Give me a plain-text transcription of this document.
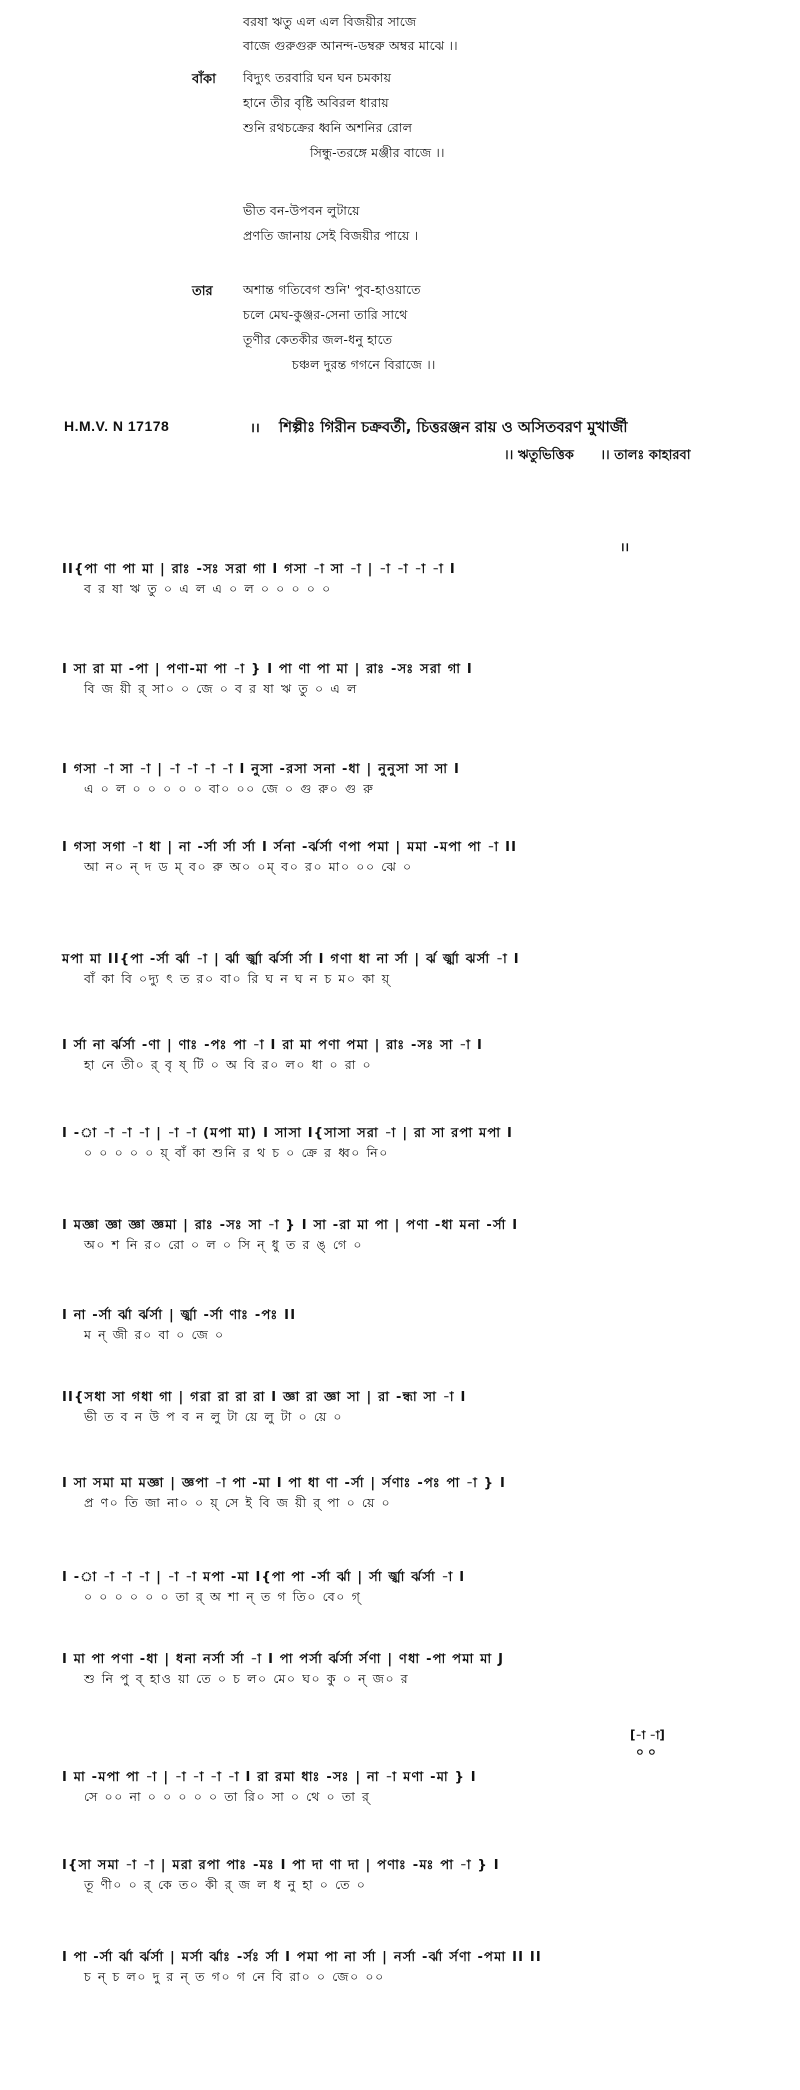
বরষা ঋতু এল এল বিজয়ীর সাজে
বাজে গুরুগুরু আনন্দ-ডম্বরু অম্বর মাঝে ।।
বাঁকা বিদ্যুৎ তরবারি ঘন ঘন চমকায়
হানে তীর বৃষ্টি অবিরল ধারায়
শুনি রথচক্রের ধ্বনি অশনির রোল
সিন্ধু-তরঙ্গে মঞ্জীর বাজে ।।
ভীত বন-উপবন লুটায়ে
প্রণতি জানায় সেই বিজয়ীর পায়ে ।
তার অশান্ত গতিবেগ শুনি' পুব-হাওয়াতে
চলে মেঘ-কুঞ্জর-সেনা তারি সাথে
তূণীর কেতকীর জল-ধনু হাতে
চঞ্চল দুরন্ত গগনে বিরাজে ।।
H.M.V. N 17178	।। শিল্পীঃ গিরীন চক্রবর্তী, চিত্তরঞ্জন রায় ও অসিতবরণ মুখার্জী
।। ঋতুভিত্তিক ।। তালঃ কাহারবা
।।
II{পা ণা পা মা | রাঃ -সঃ সরা গা I গসা -া সা -া | -া -া -া -া I
ব র ষা ঋ তু ০ এ ল এ ০ ল ০ ০ ০ ০ ০
I সা রা মা -পা | পণা-মা পা -া } I পা ণা পা মা | রাঃ -সঃ সরা গা I
বি জ য়ী র্ সা০ ০ জে ০ ব র ষা ঋ তু ০ এ ল
I গসা -া সা -া | -া -া -া -া I নুসা -রসা সনা -ধা | নুনুসা সা সা I
এ ০ ল ০ ০ ০ ০ ০ বা০ ০০ জে ০ গু রু০ গু রু
I গসা সগা -া ধা | না -র্সা র্সা র্সা I র্সনা -র্ঝর্সা ণপা পমা | মমা -মপা পা -া II
আ ন০ ন্ দ ড ম্ ব০ রু অ০ ০ম্ ব০ র০ মা০ ০০ ঝে ০
মপা মা II{পা -র্সা র্ঝা -া | র্ঝা র্জ্ঝা র্ঝর্সা র্সা I গণা ধা না র্সা | র্ঝ র্জ্ঝা ঝর্সা -া I
বাঁ কা বি ০দ্যু ৎ ত র০ বা০ রি ঘ ন ঘ ন চ ম০ কা য়্
I র্সা না র্ঝর্সা -ণা | ণাঃ -পঃ পা -া I রা মা পণা পমা | রাঃ -সঃ সা -া I
হা নে তী০ র্ বৃ ষ্ টি ০ অ বি র০ ল০ ধা ০ রা ০
I -া -া -া -া | -া -া (মপা মা) I সাসা I{সাসা সরা -া | রা সা রপা মপা I
০ ০ ০ ০ ০ য়্ বাঁ কা শুনি র থ চ ০ ক্রে র ধ্ব০ নি০
I মজ্ঞা জ্ঞা জ্ঞা জ্ঞমা | রাঃ -সঃ সা -া } I সা -রা মা পা | পণা -ধা মনা -র্সা I
অ০ শ নি র০ রো ০ ল ০ সি ন্ ধু ত র ঙ্ গে ০
I না -র্সা র্ঝা র্ঝর্সা | র্জ্ঝা -র্সা ণাঃ -পঃ II
ম ন্ জী র০ বা ০ জে ০
II{সধা সা গধা গা | গরা রা রা রা I জ্ঞা রা জ্ঞা সা | রা -ন্ধা সা -া I
ভী ত ব ন উ প ব ন লু টা য়ে লু টা ০ য়ে ০
I সা সমা মা মজ্ঞা | জ্ঞপা -া পা -মা I পা ধা ণা -র্সা | র্সণাঃ -পঃ পা -া } I
প্র ণ০ তি জা না০ ০ য়্ সে ই বি জ য়ী র্ পা ০ য়ে ০
I -া -া -া -া | -া -া মপা -মা I{পা পা -র্সা র্ঝা | র্সা র্জ্ঝা র্ঝর্সা -া I
০ ০ ০ ০ ০ ০ তা র্ অ শা ন্ ত গ তি০ বে০ গ্
I মা পা পণা -ধা | ধনা নর্সা র্সা -া I পা পর্সা র্ঝর্সা র্সণা | ণধা -পা পমা মা J
শু নি পু ব্ হাও য়া তে ০ চ ল০ মে০ ঘ০ কু ০ ন্ জ০ র
[-া -া]
০ ০
I মা -মপা পা -া | -া -া -া -া I রা রমা ধাঃ -সঃ | না -া মণা -মা } I
সে ০০ না ০ ০ ০ ০ ০ তা রি০ সা ০ থে ০ তা র্
I{সা সমা -া -া | মরা রপা পাঃ -মঃ I পা দা ণা দা | পণাঃ -মঃ পা -া } I
তূ ণী০ ০ র্ কে ত০ কী র্ জ ল ধ নু হা ০ তে ০
I পা -র্সা র্ঝা র্ঝর্সা | মর্সা র্ঝাঃ -র্সঃ র্সা I পমা পা না র্সা | নর্সা -র্ঝা র্সণা -পমা II II
চ ন্ চ ল০ দু র ন্ ত গ০ গ নে বি রা০ ০ জে০ ০০
